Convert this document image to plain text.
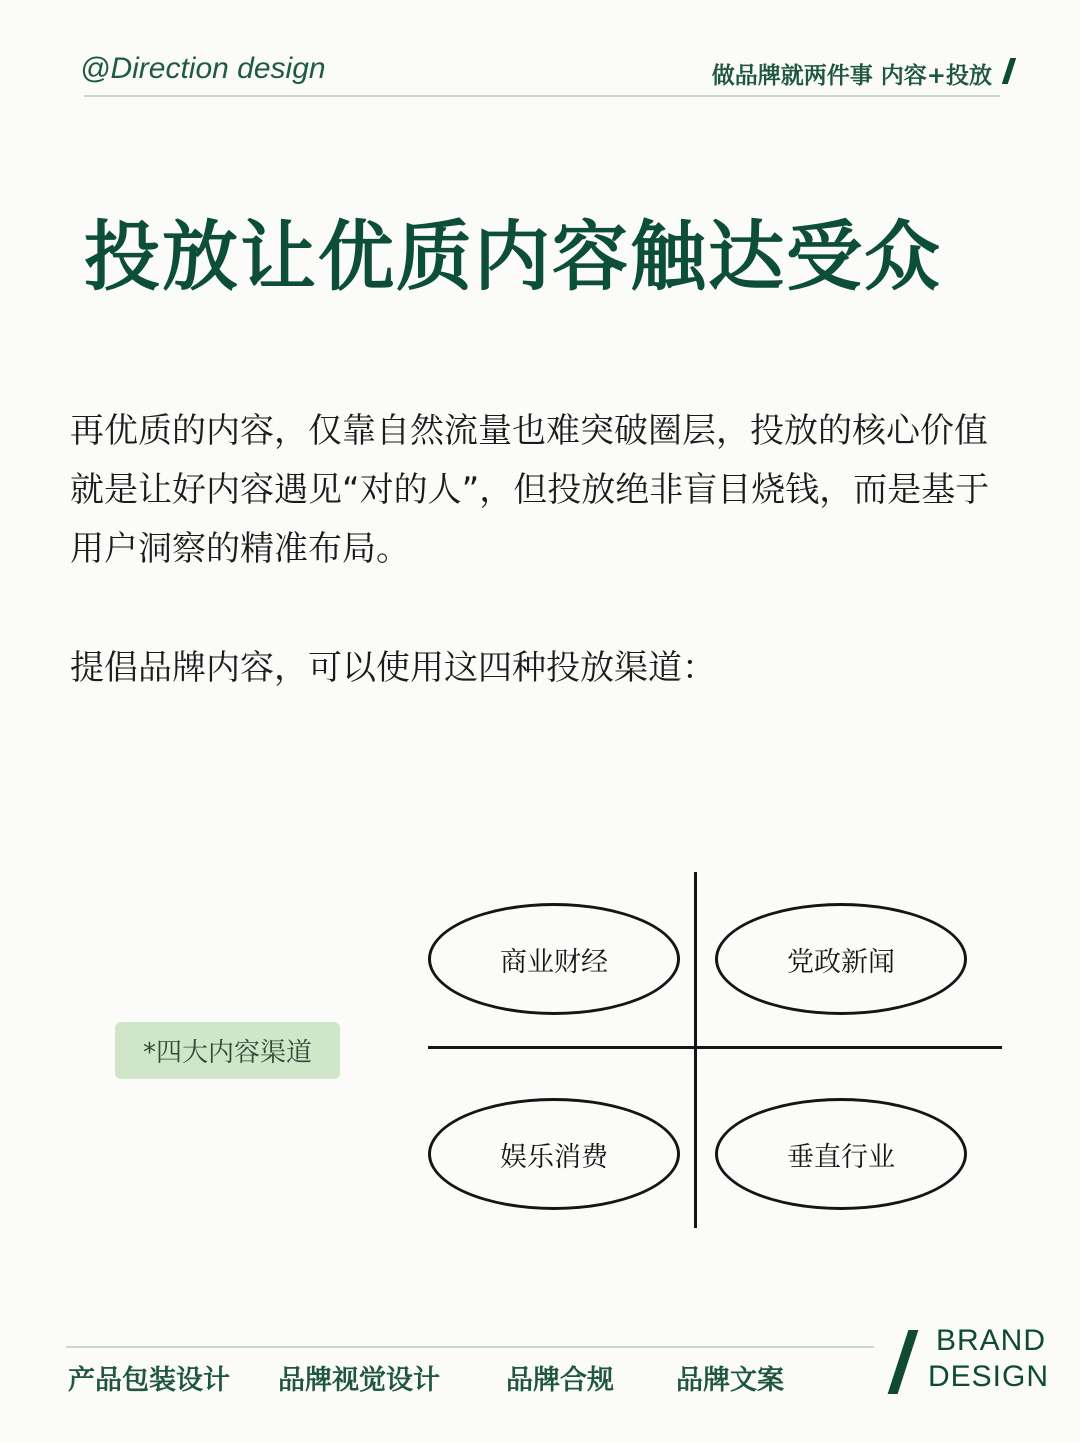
@Direction design	做品牌就两件事 内容+投放
投放让优质内容触达受众
再优质的内容，仅靠自然流量也难突破圈层，投放的核心价值就是让好内容遇见“对的人”，但投放绝非盲目烧钱，而是基于用户洞察的精准布局。
提倡品牌内容，可以使用这四种投放渠道：
*四大内容渠道
商业财经	党政新闻
娱乐消费	垂直行业
产品包装设计 品牌视觉设计 品牌合规 品牌文案
BRAND
DESIGN
